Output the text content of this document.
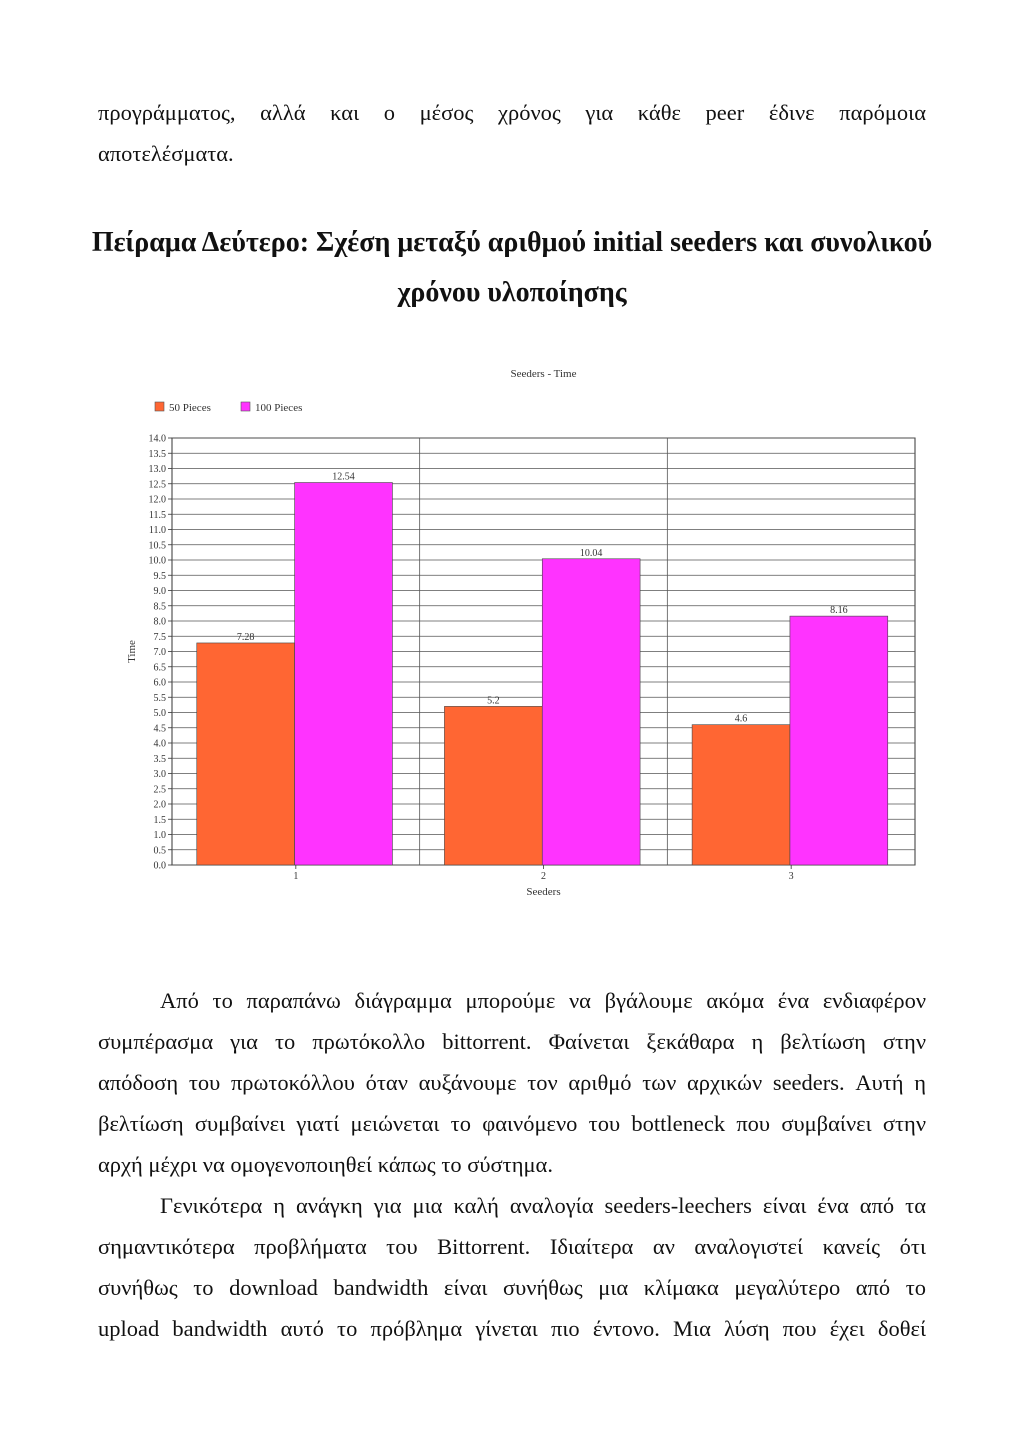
προγράμματος, αλλά και ο μέσος χρόνος για κάθε peer έδινε παρόμοια
αποτελέσματα.
Πείραμα Δεύτερο: Σχέση μεταξύ αριθμού initial seeders και συνολικού
χρόνου υλοποίησης
Seeders - Time
50 Pieces	100 Pieces
0.0
0.5
1.0
1.5
2.0
2.5
3.0
3.5
4.0
4.5
5.0
5.5
6.0
6.5
7.0
7.5
8.0
8.5
9.0
9.5
10.0
10.5
11.0
11.5
12.0
12.5
13.0
13.5
14.0
7.28
12.54
1
5.2
10.04
2
4.6
8.16
3
Seeders
Time
Από το παραπάνω διάγραμμα μπορούμε να βγάλουμε ακόμα ένα ενδιαφέρον
συμπέρασμα για το πρωτόκολλο bittorrent. Φαίνεται ξεκάθαρα η βελτίωση στην
απόδοση του πρωτοκόλλου όταν αυξάνουμε τον αριθμό των αρχικών seeders. Αυτή η
βελτίωση συμβαίνει γιατί μειώνεται το φαινόμενο του bottleneck που συμβαίνει στην
αρχή μέχρι να ομογενοποιηθεί κάπως το σύστημα.
Γενικότερα η ανάγκη για μια καλή αναλογία seeders-leechers είναι ένα από τα
σημαντικότερα προβλήματα του Bittorrent. Ιδιαίτερα αν αναλογιστεί κανείς ότι
συνήθως το download bandwidth είναι συνήθως μια κλίμακα μεγαλύτερο από το
upload bandwidth αυτό το πρόβλημα γίνεται πιο έντονο. Μια λύση που έχει δοθεί
